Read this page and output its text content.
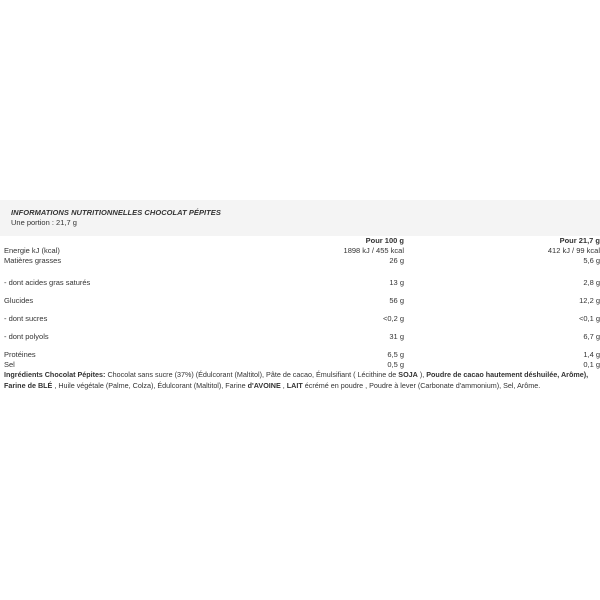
INFORMATIONS NUTRITIONNELLES CHOCOLAT PÉPITES
Une portion : 21,7 g
	Pour 100 g	Pour 21,7 g
Energie kJ (kcal)	1898 kJ / 455 kcal	412 kJ / 99 kcal
Matières grasses	26 g	5,6 g
- dont acides gras saturés	13 g	2,8 g
Glucides	56 g	12,2 g
- dont sucres	<0,2 g	<0,1 g
- dont polyols	31 g	6,7 g
Protéines	6,5 g	1,4 g
Sel	0,5 g	0,1 g
Ingrédients Chocolat Pépites: Chocolat sans sucre (37%) (Édulcorant (Maltitol), Pâte de cacao, Émulsifiant ( Lécithine de SOJA ), Poudre de cacao hautement déshuilée, Arôme), Farine de BLÉ , Huile végétale (Palme, Colza), Édulcorant (Maltitol), Farine d'AVOINE , LAIT écrémé en poudre , Poudre à lever (Carbonate d'ammonium), Sel, Arôme.
